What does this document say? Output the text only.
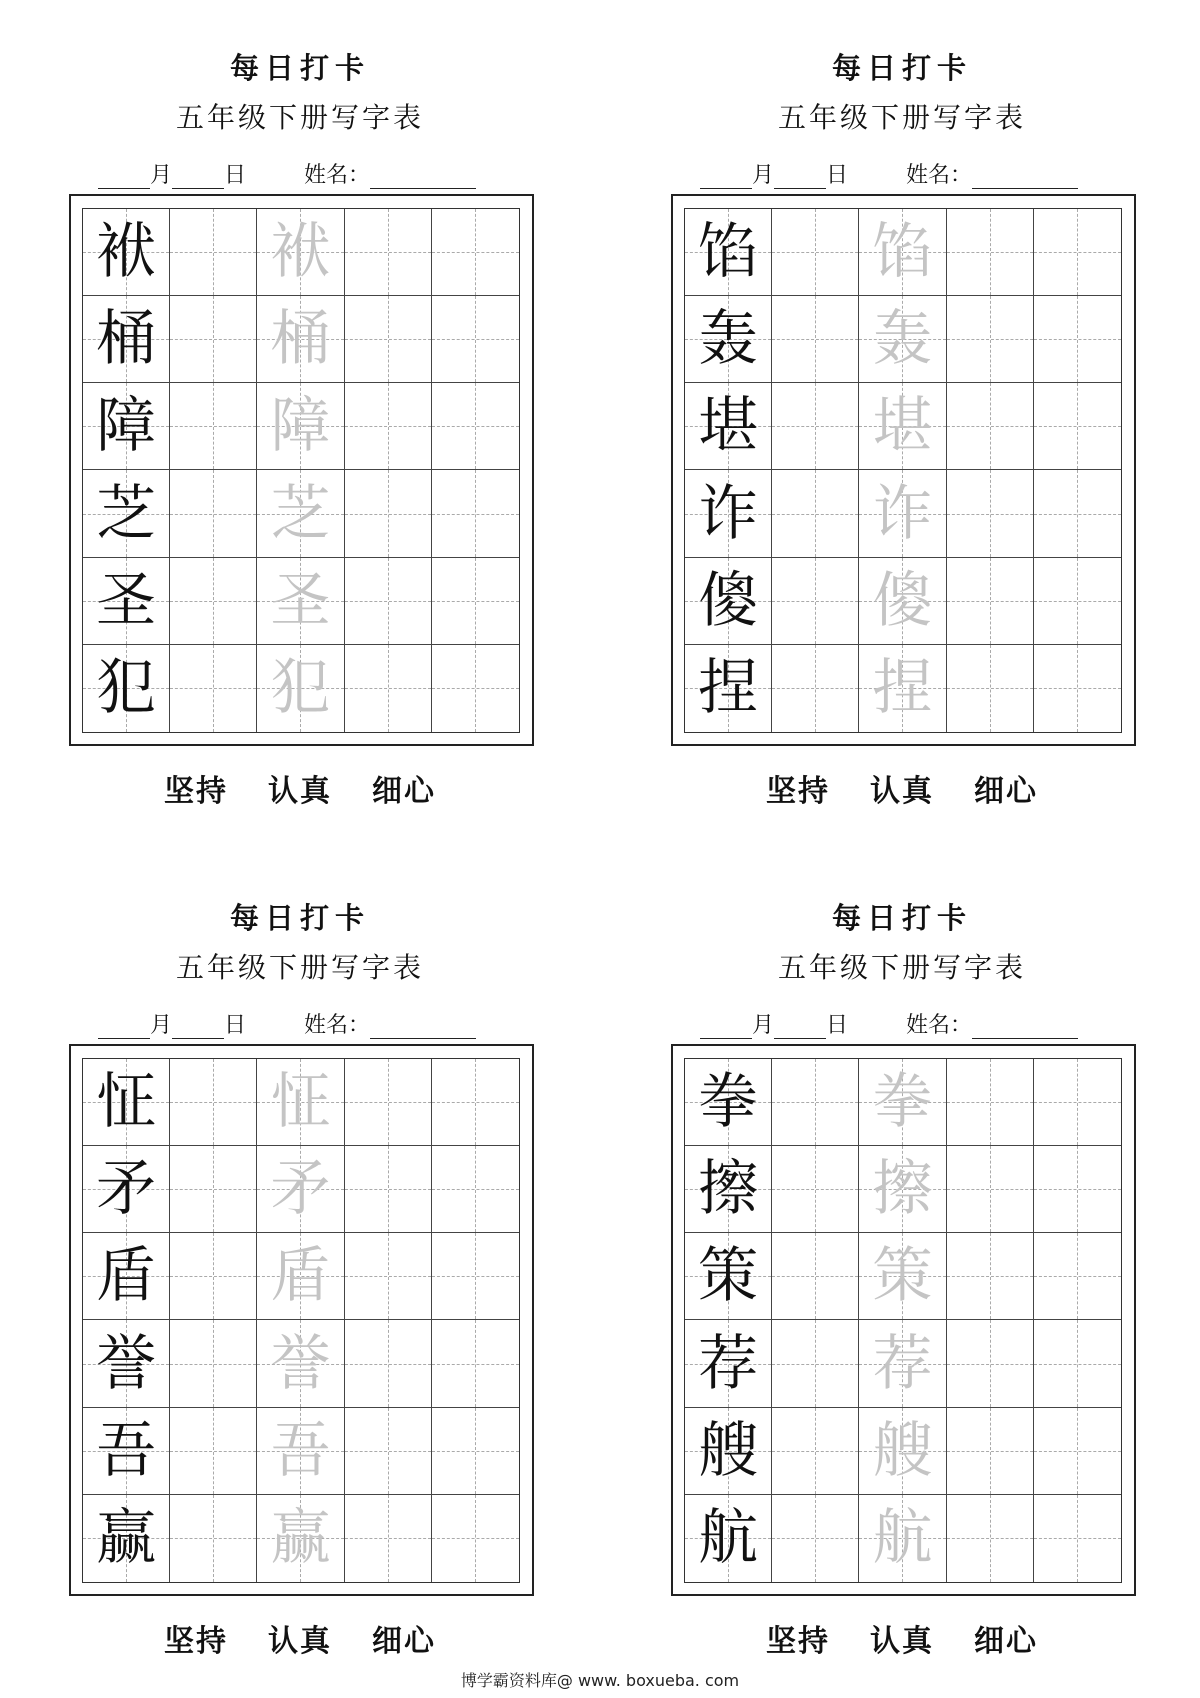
每日打卡
五年级下册写字表
月 日	姓名：
袱 袱
桶 桶
障 障
芝 芝
圣 圣
犯 犯
坚持 认真 细心
每日打卡
五年级下册写字表
月 日	姓名：
馅 馅
轰 轰
堪 堪
诈 诈
傻 傻
捏 捏
坚持 认真 细心
每日打卡
五年级下册写字表
月 日	姓名：
怔 怔
矛 矛
盾 盾
誉 誉
吾 吾
赢 赢
坚持 认真 细心
每日打卡
五年级下册写字表
月 日	姓名：
拳 拳
擦 擦
策 策
荐 荐
艘 艘
航 航
坚持 认真 细心
博学霸资料库@ www. boxueba. com
